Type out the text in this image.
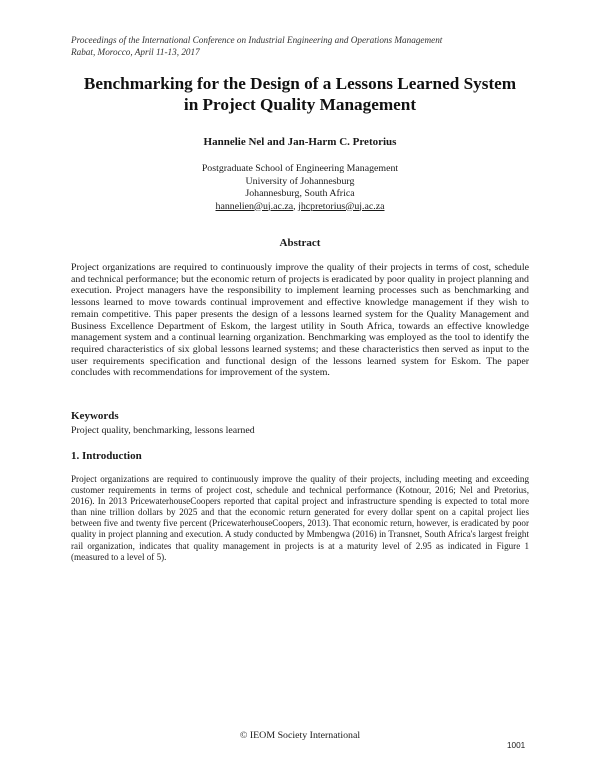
Proceedings of the International Conference on Industrial Engineering and Operations Management
Rabat, Morocco, April 11-13, 2017
Benchmarking for the Design of a Lessons Learned System
in Project Quality Management
Hannelie Nel and Jan-Harm C. Pretorius
Postgraduate School of Engineering Management
University of Johannesburg
Johannesburg, South Africa
hannelien@uj.ac.za, jhcpretorius@uj.ac.za
Abstract
Project organizations are required to continuously improve the quality of their projects in terms of cost, schedule and technical performance; but the economic return of projects is eradicated by poor quality in project planning and execution. Project managers have the responsibility to implement learning processes such as benchmarking and lessons learned to move towards continual improvement and effective knowledge management if they wish to remain competitive. This paper presents the design of a lessons learned system for the Quality Management and Business Excellence Department of Eskom, the largest utility in South Africa, towards an effective knowledge management system and a continual learning organization. Benchmarking was employed as the tool to identify the required characteristics of six global lessons learned systems; and these characteristics then served as input to the user requirements specification and functional design of the lessons learned system for Eskom. The paper concludes with recommendations for improvement of the system.
Keywords
Project quality, benchmarking, lessons learned
1. Introduction
Project organizations are required to continuously improve the quality of their projects, including meeting and exceeding customer requirements in terms of project cost, schedule and technical performance (Kotnour, 2016; Nel and Pretorius, 2016). In 2013 PricewaterhouseCoopers reported that capital project and infrastructure spending is expected to total more than nine trillion dollars by 2025 and that the economic return generated for every dollar spent on a capital project lies between five and twenty five percent (PricewaterhouseCoopers, 2013). That economic return, however, is eradicated by poor quality in project planning and execution. A study conducted by Mmbengwa (2016) in Transnet, South Africa's largest freight rail organization, indicates that quality management in projects is at a maturity level of 2.95 as indicated in Figure 1 (measured to a level of 5).
© IEOM Society International
1001
